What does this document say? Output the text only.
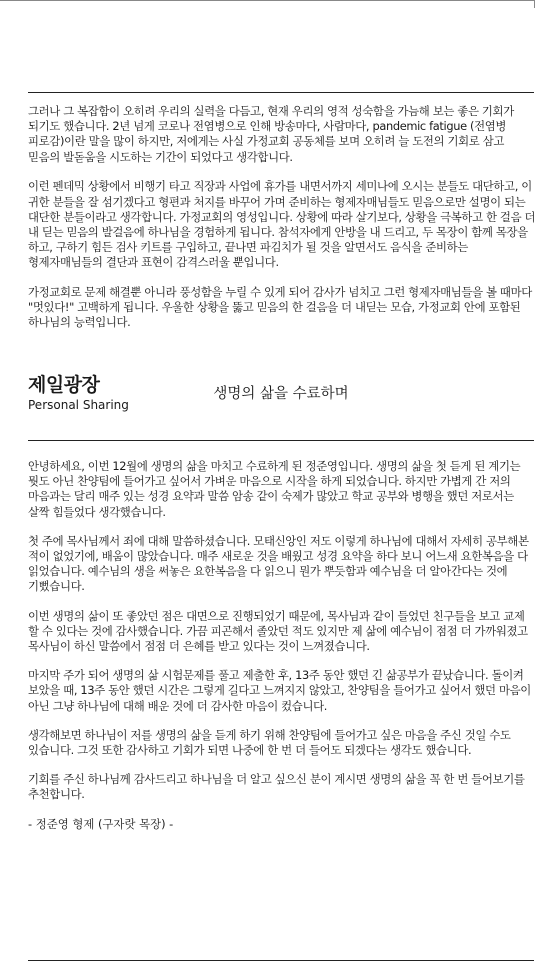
그러나 그 복잡함이 오히려 우리의 실력을 다듬고, 현재 우리의 영적 성숙함을 가늠해 보는 좋은 기회가 되기도 했습니다. 2년 넘게 코로나 전염병으로 인해 방송마다, 사람마다, pandemic fatigue (전염병 피로감)이란 말을 많이 하지만, 저에게는 사실 가정교회 공동체를 보며 오히려 늘 도전의 기회로 삼고 믿음의 발돋움을 시도하는 기간이 되었다고 생각합니다.

이런 펜데믹 상황에서 비행기 타고 직장과 사업에 휴가를 내면서까지 세미나에 오시는 분들도 대단하고, 이 귀한 분들을 잘 섬기겠다고 형편과 처지를 바꾸어 가며 준비하는 형제자매님들도 믿음으로만 설명이 되는 대단한 분들이라고 생각합니다. 가정교회의 영성입니다. 상황에 따라 살기보다, 상황을 극복하고 한 걸음 더 내 딛는 믿음의 발걸음에 하나님을 경험하게 됩니다. 참석자에게 안방을 내 드리고, 두 목장이 함께 목장을 하고, 구하기 힘든 검사 키트를 구입하고, 끝나면 파김치가 될 것을 알면서도 음식을 준비하는 형제자매님들의 결단과 표현이 감격스러울 뿐입니다.

가정교회로 문제 해결뿐 아니라 풍성함을 누릴 수 있게 되어 감사가 넘치고 그런 형제자매님들을 볼 때마다 "멋있다!" 고백하게 됩니다. 우울한 상황을 뚫고 믿음의 한 걸음을 더 내딛는 모습, 가정교회 안에 포함된 하나님의 능력입니다.

제일광장
Personal Sharing
생명의 삶을 수료하며

안녕하세요, 이번 12월에 생명의 삶을 마치고 수료하게 된 정준영입니다. 생명의 삶을 첫 듣게 된 계기는 뭣도 아닌 찬양팀에 들어가고 싶어서 가벼운 마음으로 시작을 하게 되었습니다. 하지만 가볍게 간 저의 마음과는 달리 매주 있는 성경 요약과 말씀 암송 같이 숙제가 많았고 학교 공부와 병행을 했던 저로서는 살짝 힘들었다 생각했습니다.

첫 주에 목사님께서 죄에 대해 말씀하셨습니다. 모태신앙인 저도 이렇게 하나님에 대해서 자세히 공부해본 적이 없었기에, 배움이 많았습니다. 매주 새로운 것을 배웠고 성경 요약을 하다 보니 어느새 요한복음을 다 읽었습니다. 예수님의 생을 써놓은 요한복음을 다 읽으니 뭔가 뿌듯함과 예수님을 더 알아간다는 것에 기뻤습니다.

이번 생명의 삶이 또 좋았던 점은 대면으로 진행되었기 때문에, 목사님과 같이 들었던 친구들을 보고 교제 할 수 있다는 것에 감사했습니다. 가끔 피곤해서 졸았던 적도 있지만 제 삶에 예수님이 점점 더 가까워졌고 목사님이 하신 말씀에서 점점 더 은혜를 받고 있다는 것이 느껴졌습니다.

마지막 주가 되어 생명의 삶 시험문제를 풀고 제출한 후, 13주 동안 했던 긴 삶공부가 끝났습니다. 돌이켜 보았을 때, 13주 동안 했던 시간은 그렇게 길다고 느껴지지 않았고, 찬양팀을 들어가고 싶어서 했던 마음이 아닌 그냥 하나님에 대해 배운 것에 더 감사한 마음이 컸습니다.

생각해보면 하나님이 저를 생명의 삶을 듣게 하기 위해 찬양팀에 들어가고 싶은 마음을 주신 것일 수도 있습니다. 그것 또한 감사하고 기회가 되면 나중에 한 번 더 들어도 되겠다는 생각도 했습니다.

기회를 주신 하나님께 감사드리고 하나님을 더 알고 싶으신 분이 계시면 생명의 삶을 꼭 한 번 들어보기를 추천합니다.

- 정준영 형제 (구자랏 목장) -
